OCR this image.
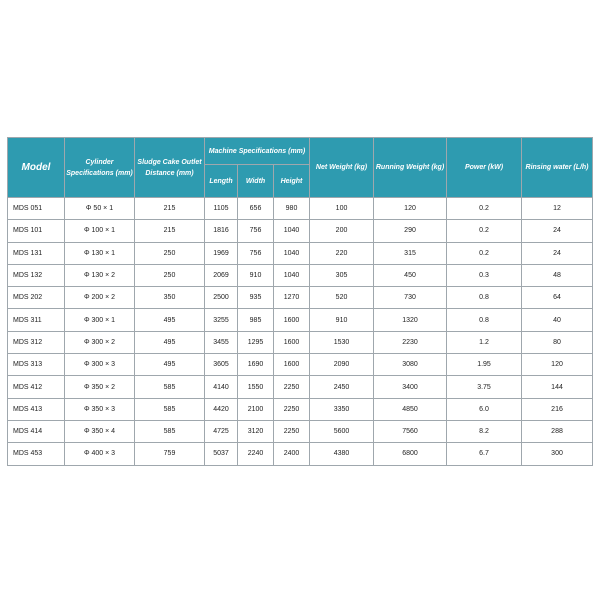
Model	Cylinder Specifications (mm)	Sludge Cake Outlet Distance (mm)	Machine Specifications (mm)			Net Weight (kg)	Running Weight (kg)	Power (kW)	Rinsing water (L/h)
			Length	Width	Height				
MDS 051	Φ 50 × 1	215	1105	656	980	100	120	0.2	12
MDS 101	Φ 100 × 1	215	1816	756	1040	200	290	0.2	24
MDS 131	Φ 130 × 1	250	1969	756	1040	220	315	0.2	24
MDS 132	Φ 130 × 2	250	2069	910	1040	305	450	0.3	48
MDS 202	Φ 200 × 2	350	2500	935	1270	520	730	0.8	64
MDS 311	Φ 300 × 1	495	3255	985	1600	910	1320	0.8	40
MDS 312	Φ 300 × 2	495	3455	1295	1600	1530	2230	1.2	80
MDS 313	Φ 300 × 3	495	3605	1690	1600	2090	3080	1.95	120
MDS 412	Φ 350 × 2	585	4140	1550	2250	2450	3400	3.75	144
MDS 413	Φ 350 × 3	585	4420	2100	2250	3350	4850	6.0	216
MDS 414	Φ 350 × 4	585	4725	3120	2250	5600	7560	8.2	288
MDS 453	Φ 400 × 3	759	5037	2240	2400	4380	6800	6.7	300
